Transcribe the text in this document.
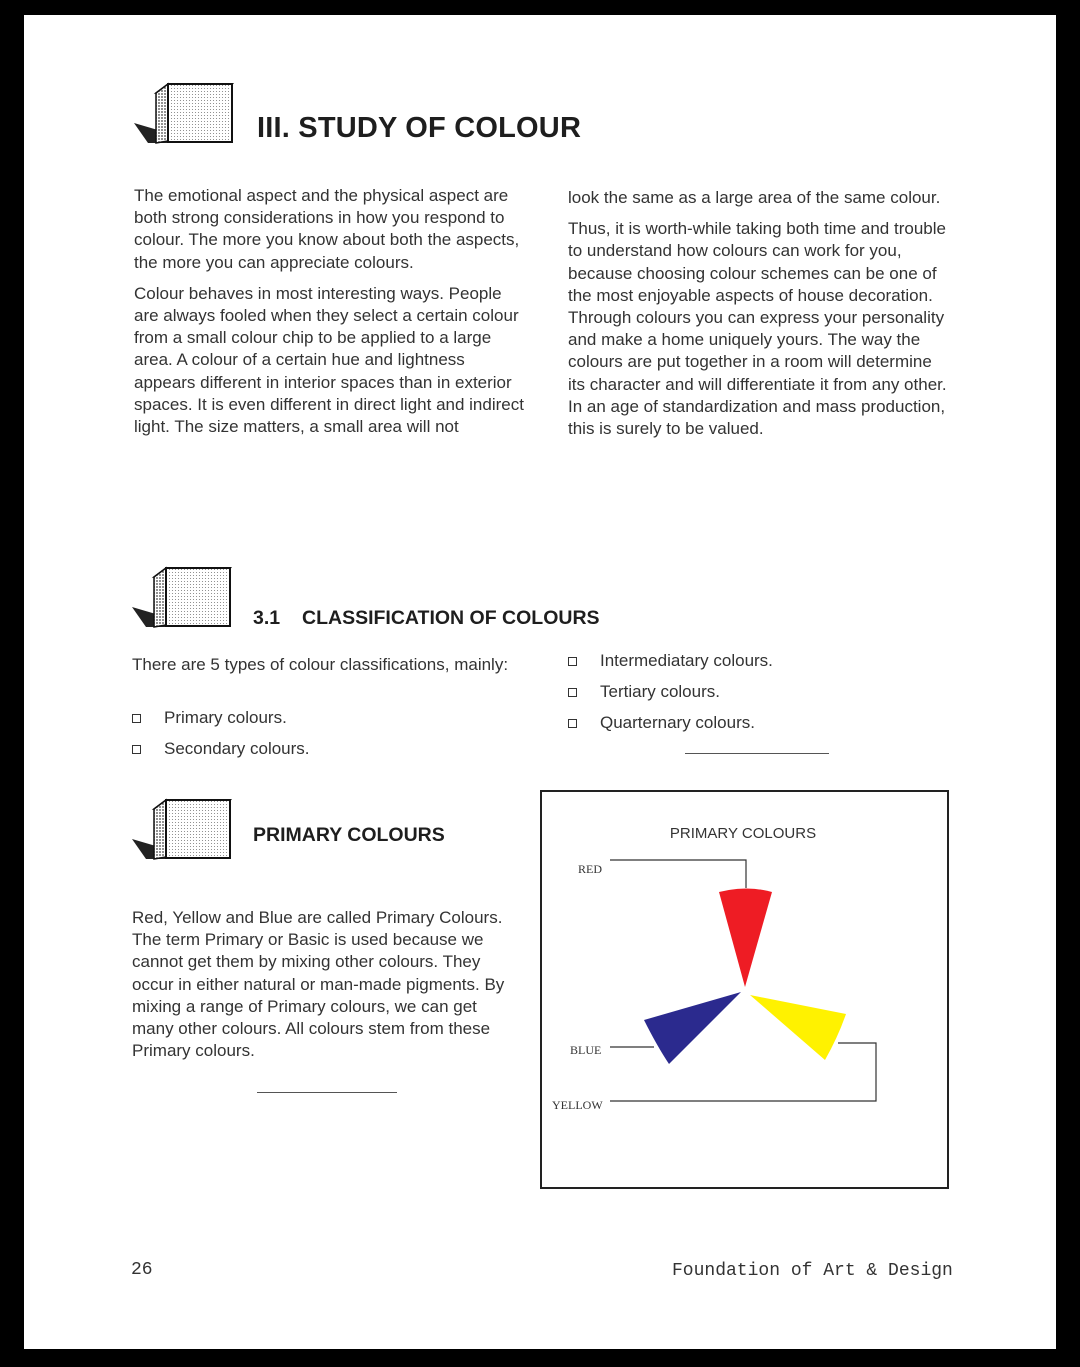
III. STUDY OF COLOUR

The emotional aspect and the physical aspect are both strong considerations in how you respond to colour. The more you know about both the aspects, the more you can appreciate colours.

Colour behaves in most interesting ways. People are always fooled when they select a certain colour from a small colour chip to be applied to a large area. A colour of a certain hue and lightness appears different in interior spaces than in exterior spaces. It is even different in direct light and indirect light. The size matters, a small area will not

look the same as a large area of the same colour.

Thus, it is worth-while taking both time and trouble to understand how colours can work for you, because choosing colour schemes can be one of the most enjoyable aspects of house decoration. Through colours you can express your personality and make a home uniquely yours. The way the colours are put together in a room will determine its character and will differentiate it from any other. In an age of standardization and mass production, this is surely to be valued.

3.1 CLASSIFICATION OF COLOURS
There are 5 types of colour classifications, mainly:
Primary colours.
Secondary colours.
Intermediatary colours.
Tertiary colours.
Quarternary colours.
PRIMARY COLOURS
Red, Yellow and Blue are called Primary Colours. The term Primary or Basic is used because we cannot get them by mixing other colours. They occur in either natural or man-made pigments. By mixing a range of Primary colours, we can get many other colours. All colours stem from these Primary colours.
PRIMARY COLOURS
RED
BLUE
YELLOW
26	Foundation of Art & Design
